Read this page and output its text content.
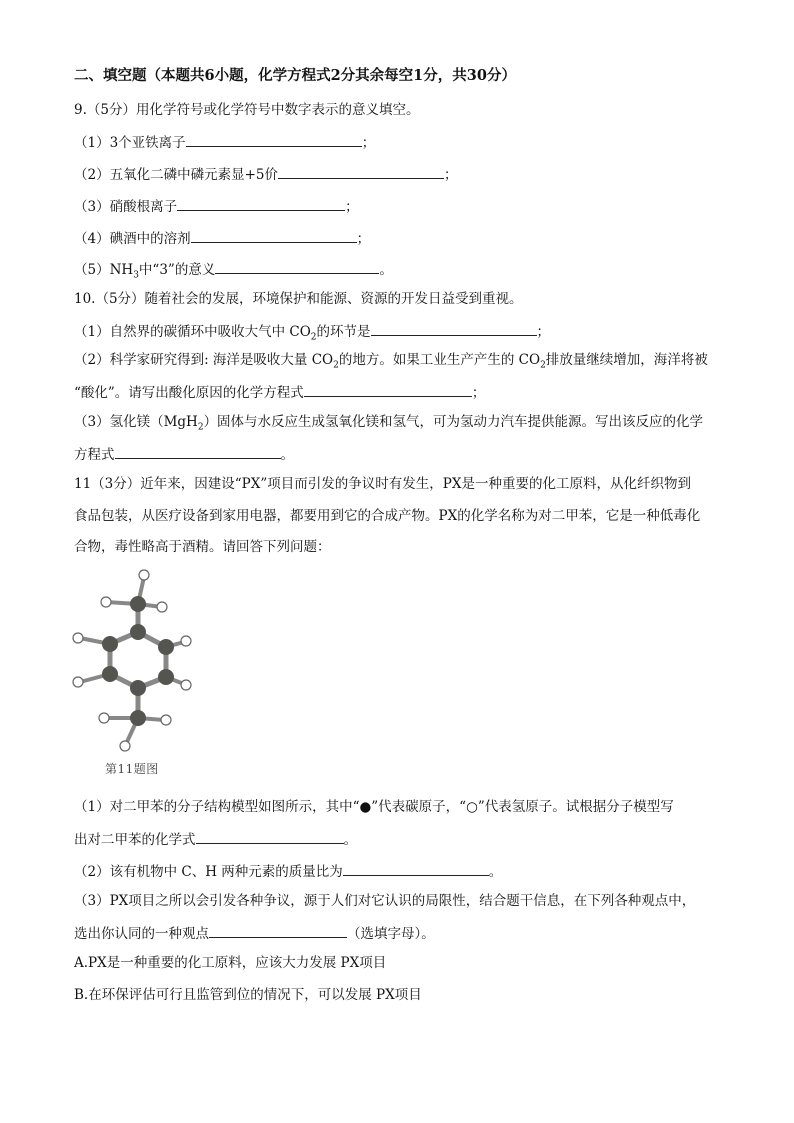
二、填空题（本题共6小题，化学方程式2分其余每空1分，共30分）
9.（5分）用化学符号或化学符号中数字表示的意义填空。
（1）3个亚铁离子	；
（2）五氧化二磷中磷元素显+5价	；
（3）硝酸根离子	；
（4）碘酒中的溶剂	；
$(5)NH_3$中“3”的意义	。
10.（5分）随着社会的发展，环境保护和能源、资源的开发日益受到重视。
（1）自然界的碳循环中吸收大气中 $CO_2$的环节是	；
（2）科学家研究得到: 海洋是吸收大量 $CO_2$的地方。如果工业生产产生的 $CO_2$排放量继续增加，海洋将被
“酸化”。请写出酸化原因的化学方程式	；
（3）氢化镁（MgH$_2$）固体与水反应生成氢氧化镁和氢气，可为氢动力汽车提供能源。写出该反应的化学
方程式	。
11（3分）近年来，因建设“PX”项目而引发的争议时有发生，PX是一种重要的化工原料，从化纤织物到
食品包装，从医疗设备到家用电器，都要用到它的合成产物。PX的化学名称为对二甲苯，它是一种低毒化
合物，毒性略高于酒精。请回答下列问题：
第11题图
（1）对二甲苯的分子结构模型如图所示，其中“●”代表碳原子，“○”代表氢原子。试根据分子模型写
出对二甲苯的化学式	。
（2）该有机物中 C、H 两种元素的质量比为	。
（3）PX项目之所以会引发各种争议，源于人们对它认识的局限性，结合题干信息，在下列各种观点中，
选出你认同的一种观点	（选填字母）。
A.PX是一种重要的化工原料，应该大力发展 PX项目
B.在环保评估可行且监管到位的情况下，可以发展 PX项目
